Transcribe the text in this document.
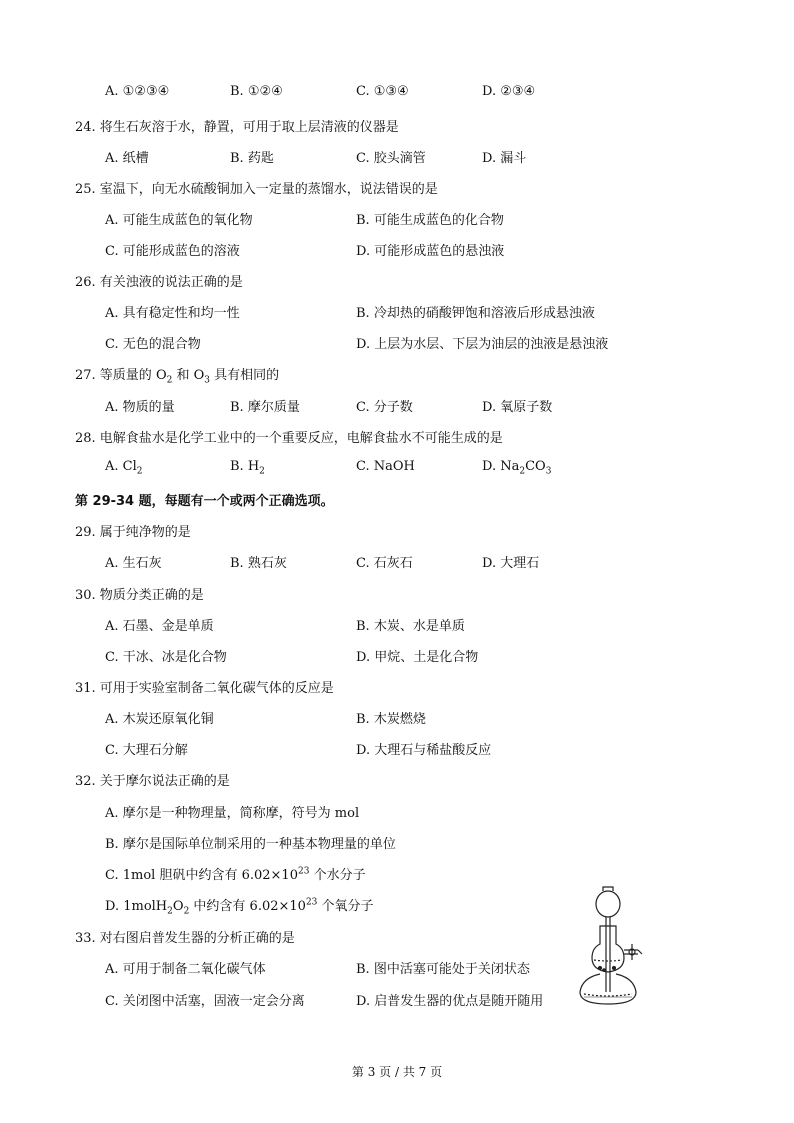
A. ①②③④	B. ①②④	C. ①③④	D. ②③④
24. 将生石灰溶于水，静置，可用于取上层清液的仪器是
A. 纸槽	B. 药匙	C. 胶头滴管	D. 漏斗
25. 室温下，向无水硫酸铜加入一定量的蒸馏水，说法错误的是
A. 可能生成蓝色的氧化物	B. 可能生成蓝色的化合物
C. 可能形成蓝色的溶液	D. 可能形成蓝色的悬浊液
26. 有关浊液的说法正确的是
A. 具有稳定性和均一性	B. 冷却热的硝酸钾饱和溶液后形成悬浊液
C. 无色的混合物	D. 上层为水层、下层为油层的浊液是悬浊液
27. 等质量的 $O_2$ 和 $O_3$ 具有相同的
A. 物质的量	B. 摩尔质量	C. 分子数	D. 氧原子数
28. 电解食盐水是化学工业中的一个重要反应，电解食盐水不可能生成的是
A. $Cl_2$	B. $H_2$	C. NaOH	D. $Na_2CO_3$
第 29-34 题，每题有一个或两个正确选项。
29. 属于纯净物的是
A. 生石灰	B. 熟石灰	C. 石灰石	D. 大理石
30. 物质分类正确的是
A. 石墨、金是单质	B. 木炭、水是单质
C. 干冰、冰是化合物	D. 甲烷、土是化合物
31. 可用于实验室制备二氧化碳气体的反应是
A. 木炭还原氧化铜	B. 木炭燃烧
C. 大理石分解	D. 大理石与稀盐酸反应
32. 关于摩尔说法正确的是
A. 摩尔是一种物理量，简称摩，符号为 mol
B. 摩尔是国际单位制采用的一种基本物理量的单位
C. 1mol 胆矾中约含有 $6.02\times 10^{23}$ 个水分子
D. $1molH_2O_2$ 中约含有 $6.02\times 10^{23}$ 个氧分子
33. 对右图启普发生器的分析正确的是
A. 可用于制备二氧化碳气体	B. 图中活塞可能处于关闭状态
C. 关闭图中活塞，固液一定会分离	D. 启普发生器的优点是随开随用
第 3 页 / 共 7 页
